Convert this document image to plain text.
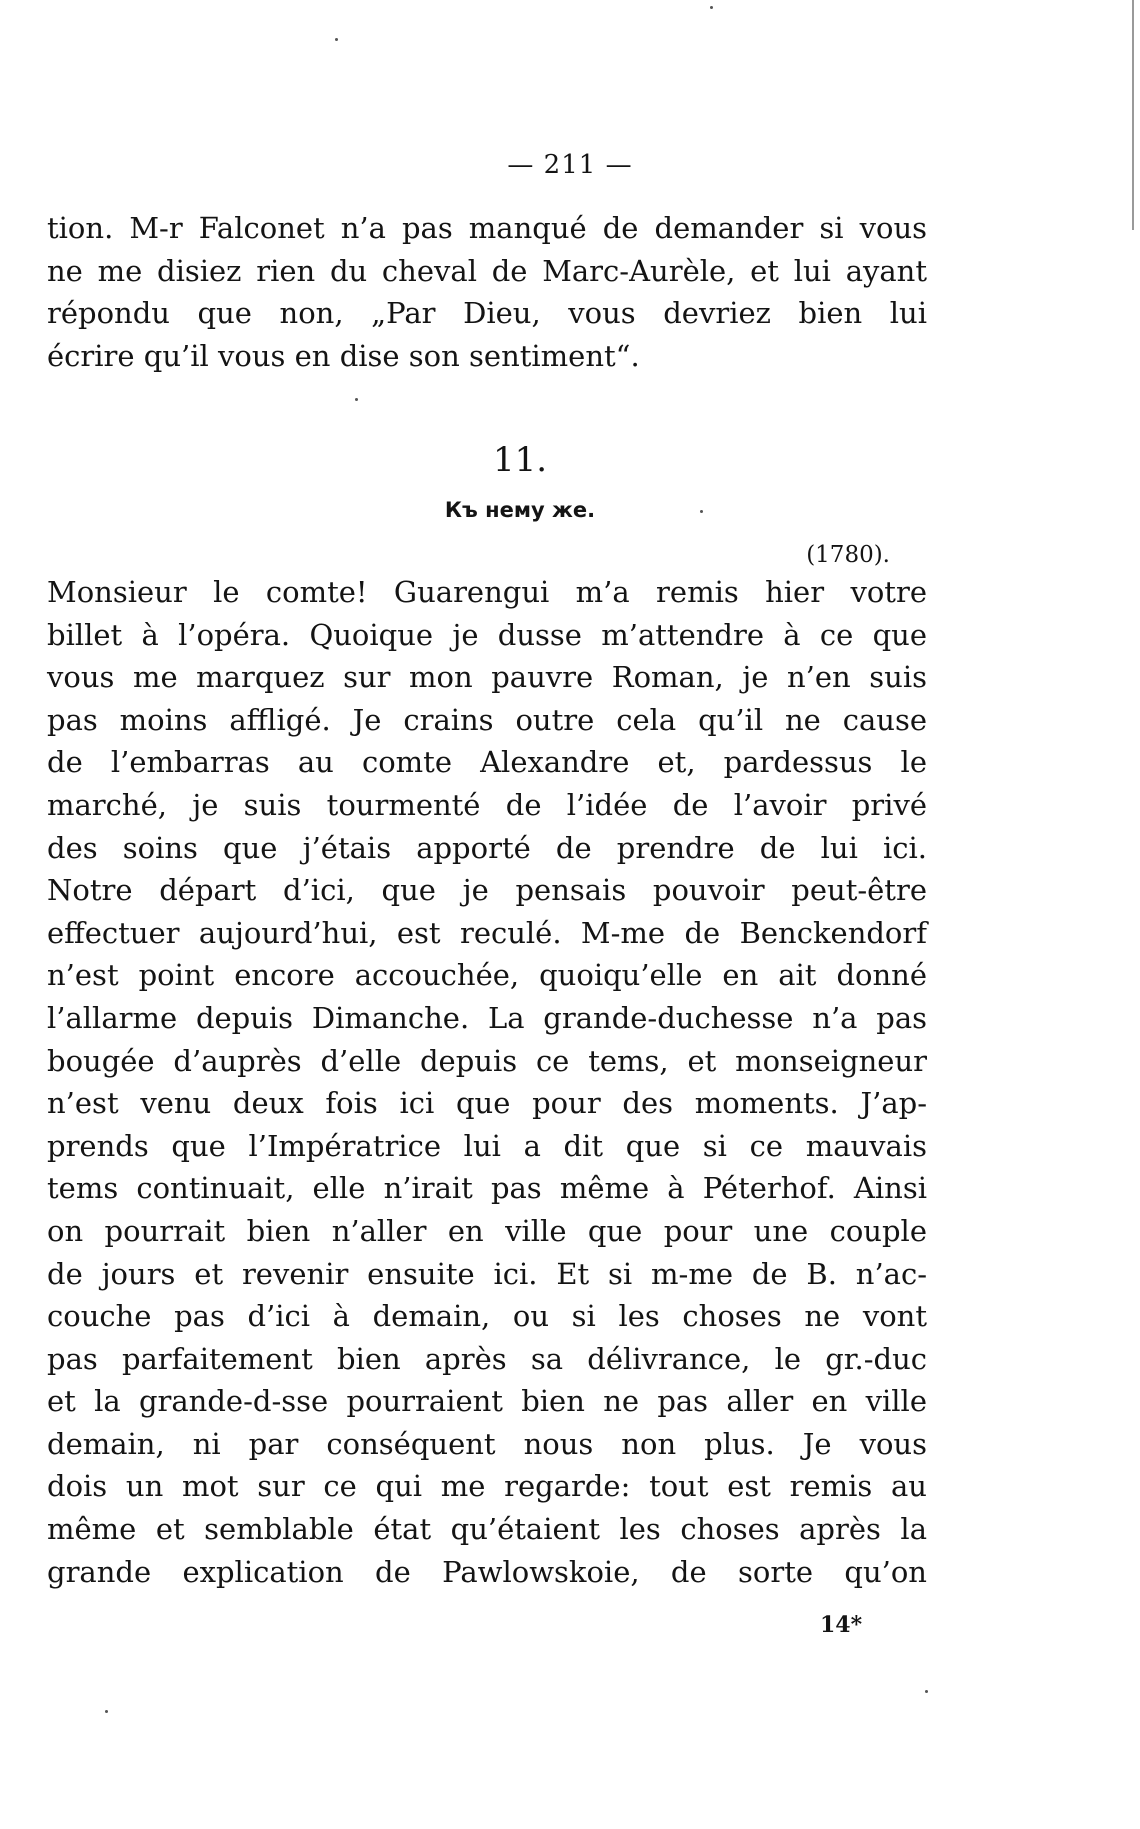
— 211 —
tion. M-r Falconet n’a pas manqué de demander si vous
ne me disiez rien du cheval de Marc-Aurèle, et lui ayant
répondu que non, „Par Dieu, vous devriez bien lui
écrire qu’il vous en dise son sentiment“.
11.
Къ нему же.
(1780).
Monsieur le comte! Guarengui m’a remis hier votre
billet à l’opéra. Quoique je dusse m’attendre à ce que
vous me marquez sur mon pauvre Roman, je n’en suis
pas moins affligé. Je crains outre cela qu’il ne cause
de l’embarras au comte Alexandre et, pardessus le
marché, je suis tourmenté de l’idée de l’avoir privé
des soins que j’étais apporté de prendre de lui ici.
Notre départ d’ici, que je pensais pouvoir peut-être
effectuer aujourd’hui, est reculé. M-me de Benckendorf
n’est point encore accouchée, quoiqu’elle en ait donné
l’allarme depuis Dimanche. La grande-duchesse n’a pas
bougée d’auprès d’elle depuis ce tems, et monseigneur
n’est venu deux fois ici que pour des moments. J’ap-
prends que l’Impératrice lui a dit que si ce mauvais
tems continuait, elle n’irait pas même à Péterhof. Ainsi
on pourrait bien n’aller en ville que pour une couple
de jours et revenir ensuite ici. Et si m-me de B. n’ac-
couche pas d’ici à demain, ou si les choses ne vont
pas parfaitement bien après sa délivrance, le gr.-duc
et la grande-d-sse pourraient bien ne pas aller en ville
demain, ni par conséquent nous non plus. Je vous
dois un mot sur ce qui me regarde: tout est remis au
même et semblable état qu’étaient les choses après la
grande explication de Pawlowskoie, de sorte qu’on
14*
